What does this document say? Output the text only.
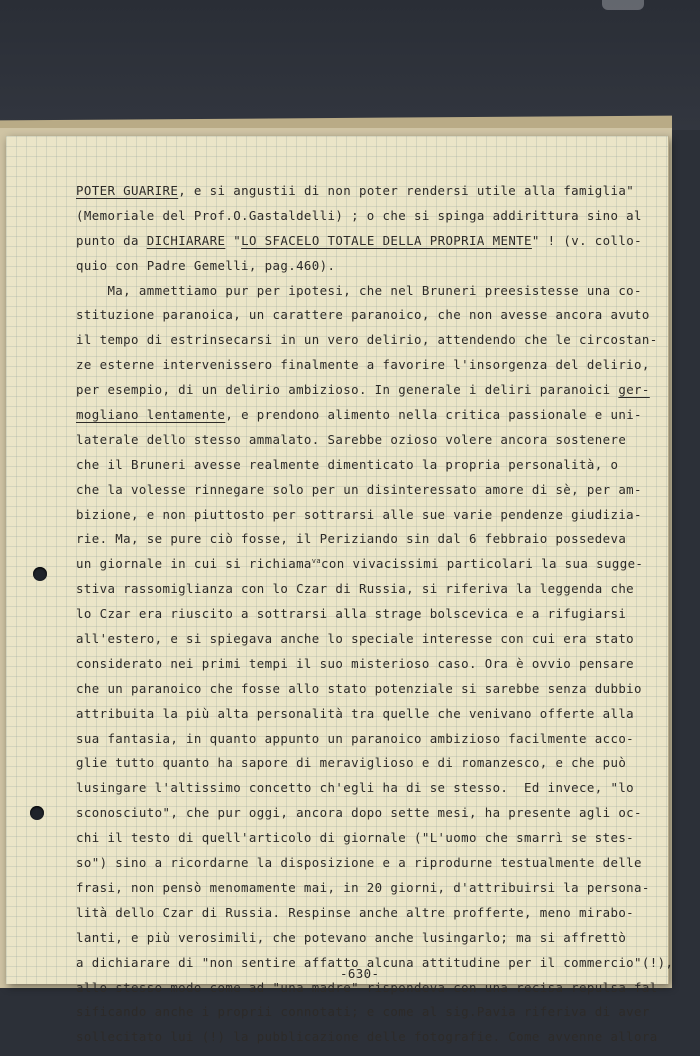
POTER GUARIRE, e si angustii di non poter rendersi utile alla famiglia"
(Memoriale del Prof.O.Gastaldelli) ; o che si spinga addirittura sino al
punto da DICHIARARE "LO SFACELO TOTALE DELLA PROPRIA MENTE" ! (v. collo-
quio con Padre Gemelli, pag.460).
Ma, ammettiamo pur per ipotesi, che nel Bruneri preesistesse una co-
stituzione paranoica, un carattere paranoico, che non avesse ancora avuto
il tempo di estrinsecarsi in un vero delirio, attendendo che le circostan-
ze esterne intervenissero finalmente a favorire l'insorgenza del delirio,
per esempio, di un delirio ambizioso. In generale i deliri paranoici ger-
mogliano lentamente, e prendono alimento nella critica passionale e uni-
laterale dello stesso ammalato. Sarebbe ozioso volere ancora sostenere
che il Bruneri avesse realmente dimenticato la propria personalità, o
che la volesse rinnegare solo per un disinteressato amore di sè, per am-
bizione, e non piuttosto per sottrarsi alle sue varie pendenze giudizia-
rie. Ma, se pure ciò fosse, il Periziando sin dal 6 febbraio possedeva
un giornale in cui si richiama$^{va}$con vivacissimi particolari la sua sugge-
stiva rassomiglianza con lo Czar di Russia, si riferiva la leggenda che
lo Czar era riuscito a sottrarsi alla strage bolscevica e a rifugiarsi
all'estero, e si spiegava anche lo speciale interesse con cui era stato
considerato nei primi tempi il suo misterioso caso. Ora è ovvio pensare
che un paranoico che fosse allo stato potenziale si sarebbe senza dubbio
attribuita la più alta personalità tra quelle che venivano offerte alla
sua fantasia, in quanto appunto un paranoico ambizioso facilmente acco-
glie tutto quanto ha sapore di meraviglioso e di romanzesco, e che può
lusingare l'altissimo concetto ch'egli ha di se stesso.  Ed invece, "lo
sconosciuto", che pur oggi, ancora dopo sette mesi, ha presente agli oc-
chi il testo di quell'articolo di giornale ("L'uomo che smarrì se stes-
so") sino a ricordarne la disposizione e a riprodurne testualmente delle
frasi, non pensò menomamente mai, in 20 giorni, d'attribuirsi la persona-
lità dello Czar di Russia. Respinse anche altre profferte, meno mirabo-
lanti, e più verosimili, che potevano anche lusingarlo; ma si affrettò
a dichiarare di "non sentire affatto alcuna attitudine per il commercio"(!),
allo stesso modo come ad "una madre" rispondeva con una recisa repulsa fal-
sificando anche i proprii connotati; e come al sig.Pavia riferiva di aver
sollecitato lui (!) la pubblicazione delle fotografie. Come avvenne allora
-630-
